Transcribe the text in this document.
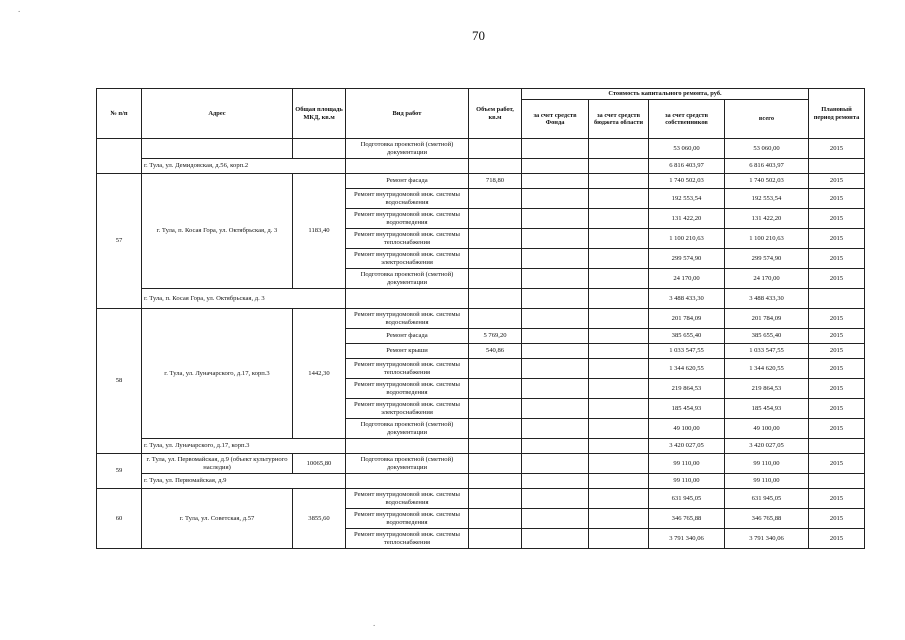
70
№ п/п	Адрес	Общая площадь МКД, кв.м	Вид работ	Объем работ, кв.м	Стоимость капитального ремонта, руб.				Плановый период ремонта
					за счет средств Фонда	за счет средств бюджета области	за счет средств собственников	всего	
			Подготовка проектной (сметной) документации				53 060,00	53 060,00	2015
	г. Тула, ул. Демидовская, д.56, корп.2						6 816 403,97	6 816 403,97	
57	г. Тула, п. Косая Гора, ул. Октябрьская, д. 3	1183,40	Ремонт фасада	718,80			1 740 502,03	1 740 502,03	2015
			Ремонт внутридомовой инж. системы водоснабжения				192 553,54	192 553,54	2015
			Ремонт внутридомовой инж. системы водоотведения				131 422,20	131 422,20	2015
			Ремонт внутридомовой инж. системы теплоснабжения				1 100 210,63	1 100 210,63	2015
			Ремонт внутридомовой инж. системы электроснабжения				299 574,90	299 574,90	2015
			Подготовка проектной (сметной) документации				24 170,00	24 170,00	2015
	г. Тула, п. Косая Гора, ул. Октябрьская, д. 3						3 488 433,30	3 488 433,30	
58	г. Тула, ул. Луначарского, д.17, корп.3	1442,30	Ремонт внутридомовой инж. системы водоснабжения				201 784,09	201 784,09	2015
			Ремонт фасада	5 769,20			385 655,40	385 655,40	2015
			Ремонт крыши	540,86			1 033 547,55	1 033 547,55	2015
			Ремонт внутридомовой инж. системы теплоснабжения				1 344 620,55	1 344 620,55	2015
			Ремонт внутридомовой инж. системы водоотведения				219 864,53	219 864,53	2015
			Ремонт внутридомовой инж. системы электроснабжения				185 454,93	185 454,93	2015
			Подготовка проектной (сметной) документации				49 100,00	49 100,00	2015
	г. Тула, ул. Луначарского, д.17, корп.3						3 420 027,05	3 420 027,05	
59	г. Тула, ул. Первомайская, д.9 (объект культурного наследия)	10065,80	Подготовка проектной (сметной) документации				99 110,00	99 110,00	2015
	г. Тула, ул. Первомайская, д.9						99 110,00	99 110,00	
60	г. Тула, ул. Советская, д.57	3855,60	Ремонт внутридомовой инж. системы водоснабжения				631 945,05	631 945,05	2015
			Ремонт внутридомовой инж. системы водоотведения				346 765,88	346 765,88	2015
			Ремонт внутридомовой инж. системы теплоснабжения				3 791 340,06	3 791 340,06	2015
.
.
